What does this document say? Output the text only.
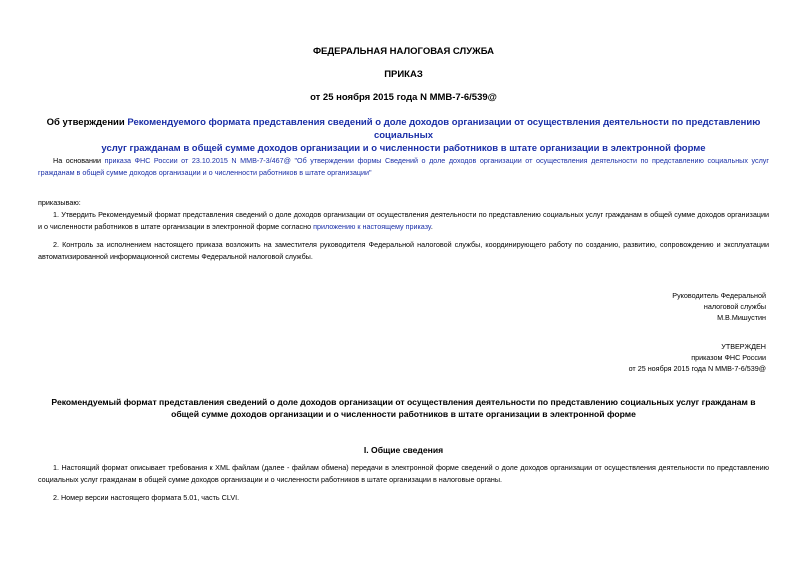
ФЕДЕРАЛЬНАЯ НАЛОГОВАЯ СЛУЖБА
ПРИКАЗ
от 25 ноября 2015 года N ММВ-7-6/539@
Об утверждении Рекомендуемого формата представления сведений о доле доходов организации от осуществления деятельности по представлению социальных
услуг гражданам в общей сумме доходов организации и о численности работников в штате организации в электронной форме
На основании приказа ФНС России от 23.10.2015 N ММВ-7-3/467@ "Об утверждении формы Сведений о доле доходов организации от осуществления деятельности по представлению социальных услуг гражданам в общей сумме доходов организации и о численности работников в штате организации"
приказываю:
1. Утвердить Рекомендуемый формат представления сведений о доле доходов организации от осуществления деятельности по представлению социальных услуг гражданам в общей сумме доходов организации и о численности работников в штате организации в электронной форме согласно приложению к настоящему приказу.
2. Контроль за исполнением настоящего приказа возложить на заместителя руководителя Федеральной налоговой службы, координирующего работу по созданию, развитию, сопровождению и эксплуатации автоматизированной информационной системы Федеральной налоговой службы.
Руководитель Федеральной
налоговой службы
М.В.Мишустин
УТВЕРЖДЕН
приказом ФНС России
от 25 ноября 2015 года N ММВ-7-6/539@
Рекомендуемый формат представления сведений о доле доходов организации от осуществления деятельности по представлению социальных услуг гражданам в
общей сумме доходов организации и о численности работников в штате организации в электронной форме
I. Общие сведения
1. Настоящий формат описывает требования к XML файлам (далее - файлам обмена) передачи в электронной форме сведений о доле доходов организации от осуществления деятельности по представлению социальных услуг гражданам в общей сумме доходов организации и о численности работников в штате организации в налоговые органы.
2. Номер версии настоящего формата 5.01, часть CLVI.
